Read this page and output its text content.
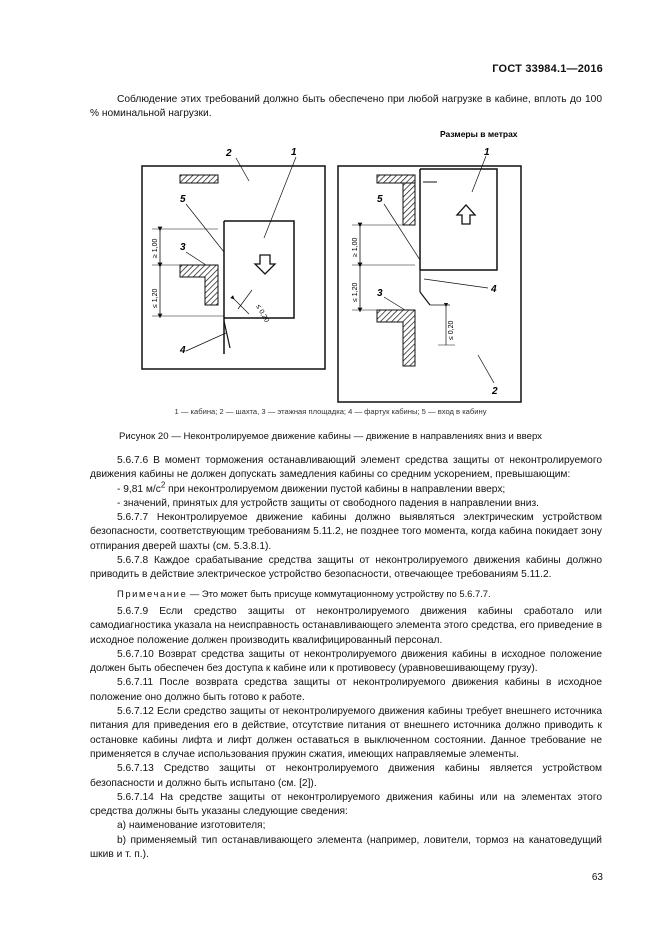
ГОСТ 33984.1—2016

Соблюдение этих требований должно быть обеспечено при любой нагрузке в кабине, вплоть до 100 % номинальной нагрузки.

Размеры в метрах
≥ 1,00
≤ 1,20
≤ 0,20
2	1
5
3
4
≥ 1,00
≤ 1,20
≤ 0,20
1
5
3	4
2
1 — кабина; 2 — шахта, 3 — этажная площадка; 4 — фартук кабины; 5 — вход в кабину
Рисунок 20 — Неконтролируемое движение кабины — движение в направлениях вниз и вверх

5.6.7.6 В момент торможения останавливающий элемент средства защиты от неконтролируемого движения кабины не должен допускать замедления кабины со средним ускорением, превышающим:

- 9,81 $м/с^2$ при неконтролируемом движении пустой кабины в направлении вверх;

- значений, принятых для устройств защиты от свободного падения в направлении вниз.

5.6.7.7 Неконтролируемое движение кабины должно выявляться электрическим устройством безопасности, соответствующим требованиям 5.11.2, не позднее того момента, когда кабина покидает зону отпирания дверей шахты (см. 5.3.8.1).

5.6.7.8 Каждое срабатывание средства защиты от неконтролируемого движения кабины должно приводить в действие электрическое устройство безопасности, отвечающее требованиям 5.11.2.

Примечание — Это может быть присуще коммутационному устройству по 5.6.7.7.

5.6.7.9 Если средство защиты от неконтролируемого движения кабины сработало или самодиагностика указала на неисправность останавливающего элемента этого средства, его приведение в исходное положение должен производить квалифицированный персонал.

5.6.7.10 Возврат средства защиты от неконтролируемого движения кабины в исходное положение должен быть обеспечен без доступа к кабине или к противовесу (уравновешивающему грузу).

5.6.7.11 После возврата средства защиты от неконтролируемого движения кабины в исходное положение оно должно быть готово к работе.

5.6.7.12 Если средство защиты от неконтролируемого движения кабины требует внешнего источника питания для приведения его в действие, отсутствие питания от внешнего источника должно приводить к остановке кабины лифта и лифт должен оставаться в выключенном состоянии. Данное требование не применяется в случае использования пружин сжатия, имеющих направляемые элементы.

5.6.7.13 Средство защиты от неконтролируемого движения кабины является устройством безопасности и должно быть испытано (см. [2]).

5.6.7.14 На средстве защиты от неконтролируемого движения кабины или на элементах этого средства должны быть указаны следующие сведения:

а) наименование изготовителя;

b) применяемый тип останавливающего элемента (например, ловители, тормоз на канатоведущий шкив и т. п.).

63
